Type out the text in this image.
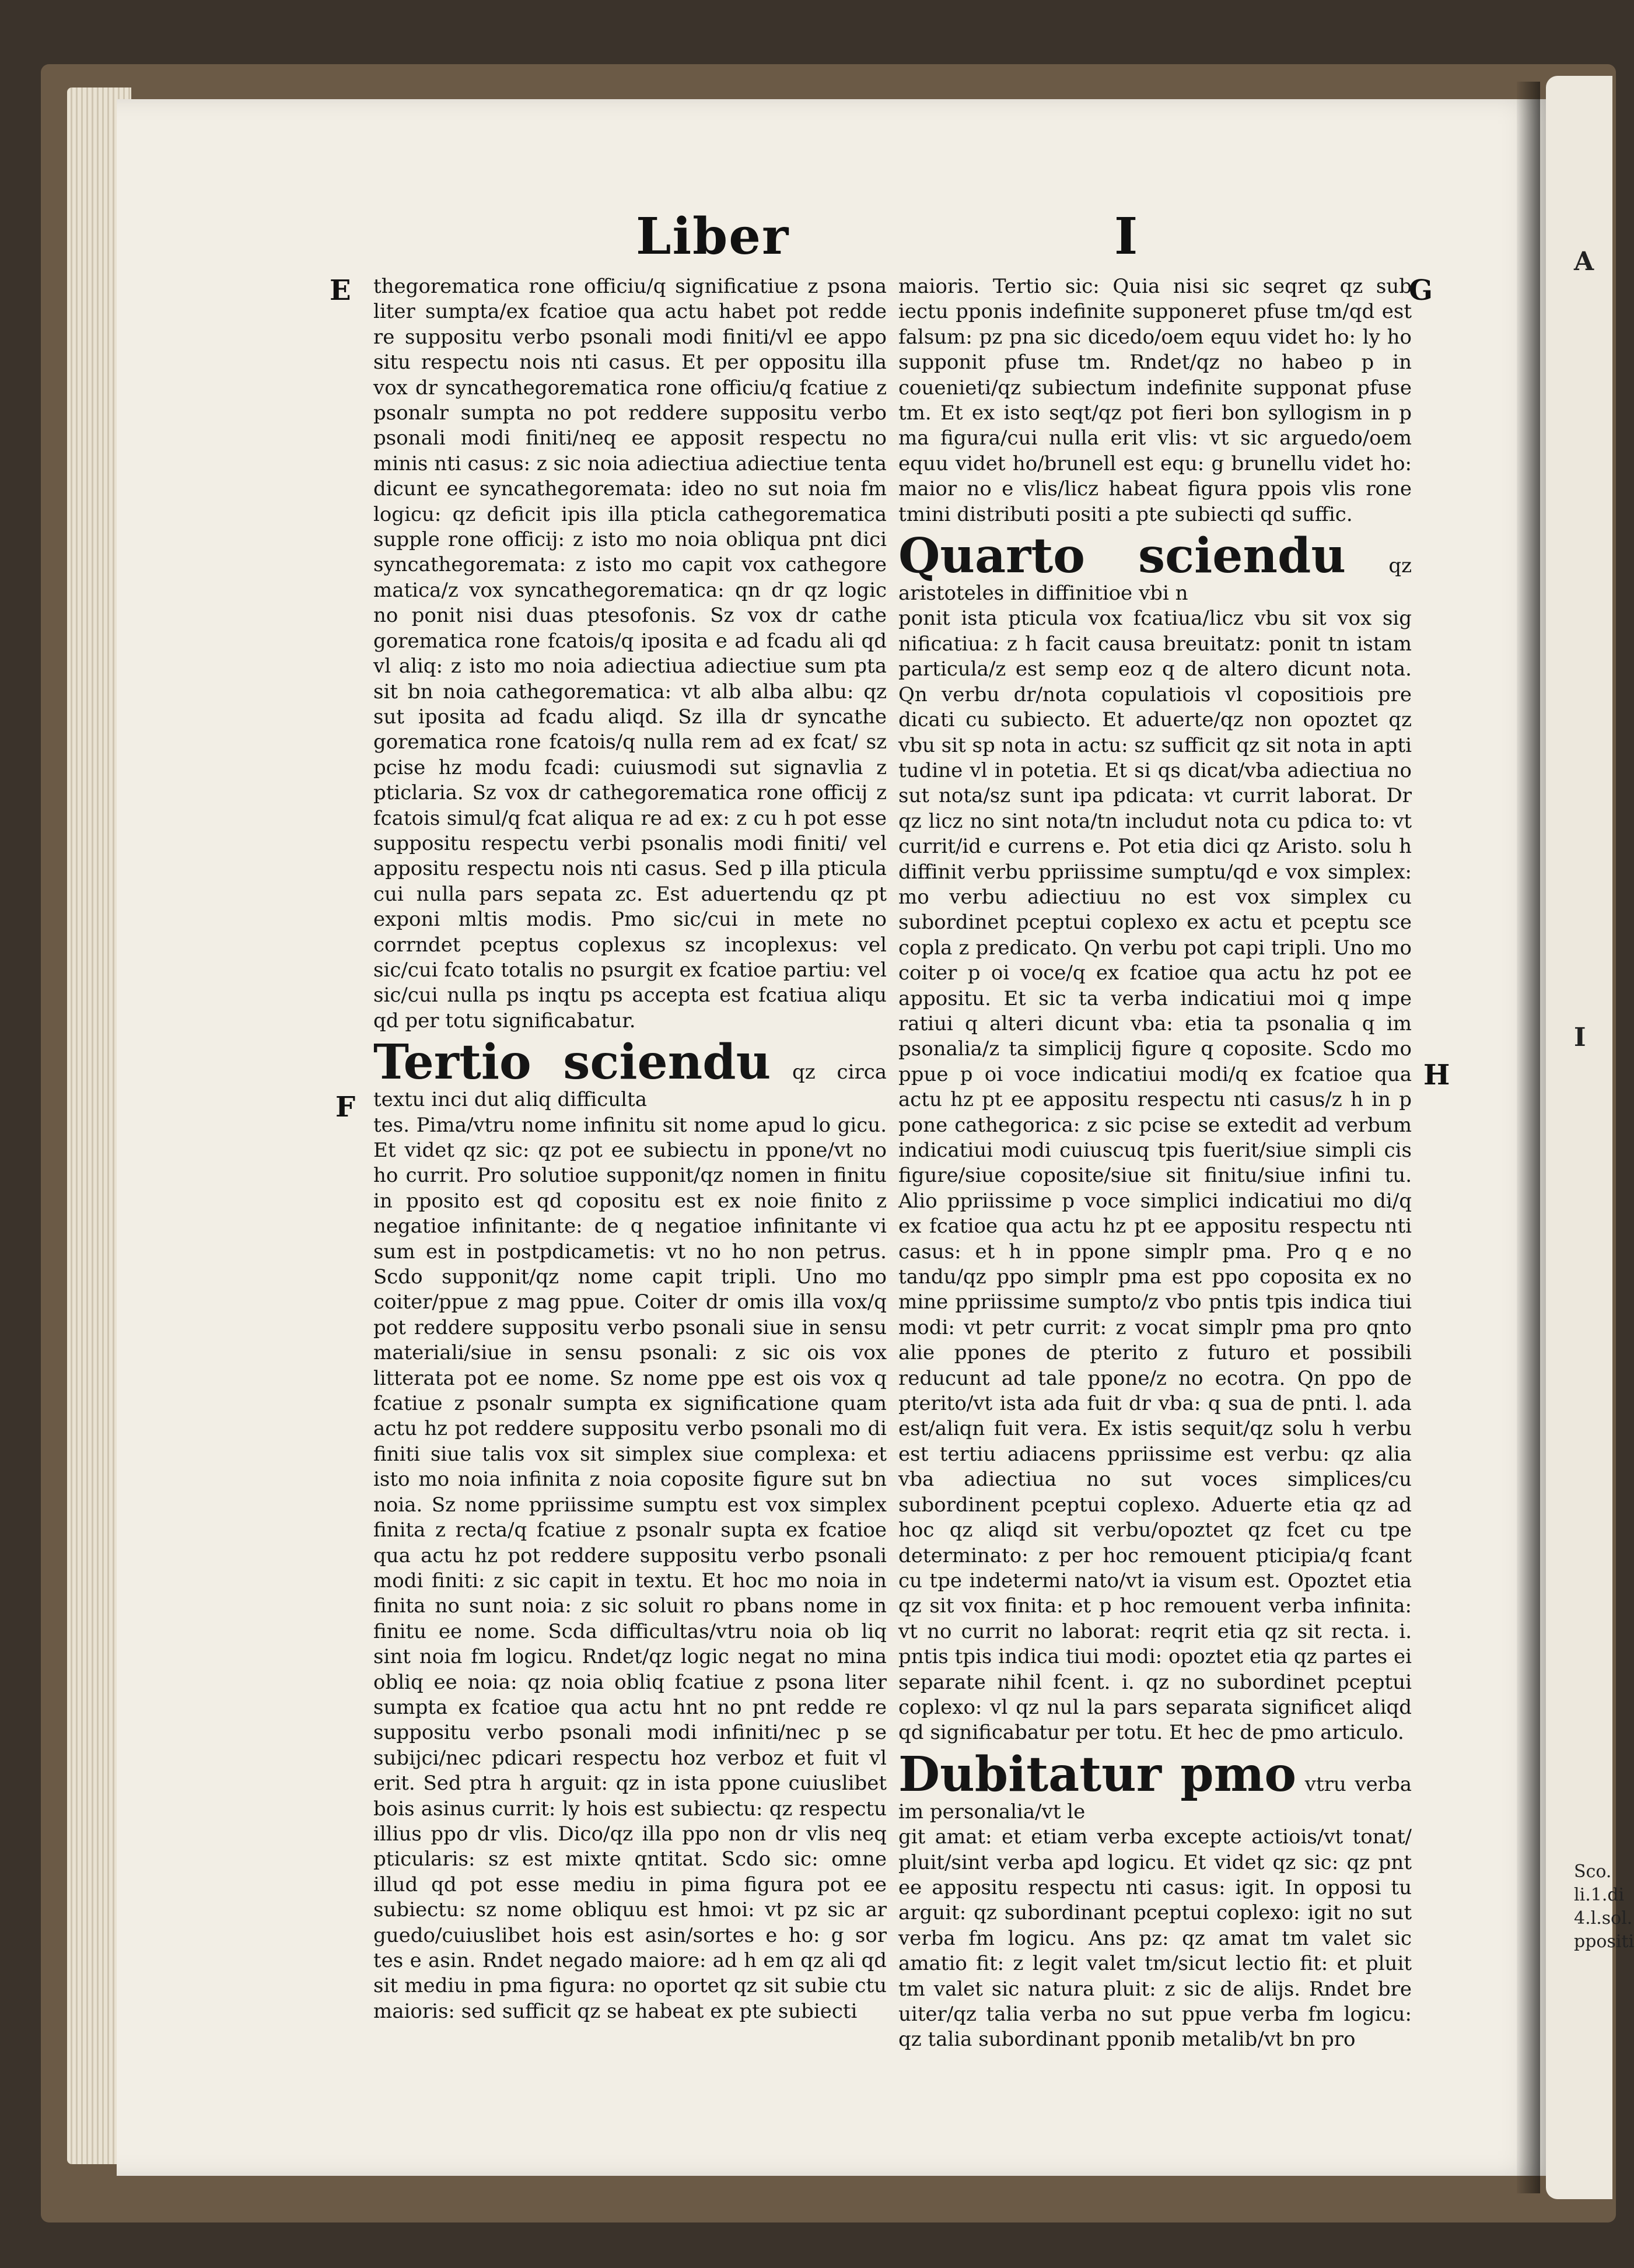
A
I
Sco.
li.1.di
4.l.sol.
ppositi
Liber	I
E
F
G
H

thegorematica rone officiu/q significatiue z psona liter sumpta/ex fcatioe qua actu habet pot redde re suppositu verbo psonali modi finiti/vl ee appo situ respectu nois nti casus. Et per oppositu illa vox dr syncathegorematica rone officiu/q fcatiue z psonalr sumpta no pot reddere suppositu verbo psonali modi finiti/neq ee apposit respectu no minis nti casus: z sic noia adiectiua adiectiue tenta dicunt ee syncathegoremata: ideo no sut noia fm logicu: qz deficit ipis illa pticla cathegorematica supple rone officij: z isto mo noia obliqua pnt dici syncathegoremata: z isto mo capit vox cathegore matica/z vox syncathegorematica: qn dr qz logic no ponit nisi duas ptesofonis. Sz vox dr cathe gorematica rone fcatois/q iposita e ad fcadu ali qd vl aliq: z isto mo noia adiectiua adiectiue sum pta sit bn noia cathegorematica: vt alb alba albu: qz sut iposita ad fcadu aliqd. Sz illa dr syncathe gorematica rone fcatois/q nulla rem ad ex fcat/ sz pcise hz modu fcadi: cuiusmodi sut signavlia z pticlaria. Sz vox dr cathegorematica rone officij z fcatois simul/q fcat aliqua re ad ex: z cu h pot esse suppositu respectu verbi psonalis modi finiti/ vel appositu respectu nois nti casus. Sed p illa pticula cui nulla pars sepata zc. Est aduertendu qz pt exponi mltis modis. Pmo sic/cui in mete no corrndet pceptus coplexus sz incoplexus: vel sic/cui fcato totalis no psurgit ex fcatioe partiu: vel sic/cui nulla ps inqtu ps accepta est fcatiua aliqu qd per totu significabatur.

Tertio sciendu qz circa textu inci dut aliq difficulta

tes. Pima/vtru nome infinitu sit nome apud lo gicu. Et videt qz sic: qz pot ee subiectu in ppone/vt no ho currit. Pro solutioe supponit/qz nomen in finitu in pposito est qd copositu est ex noie finito z negatioe infinitante: de q negatioe infinitante vi sum est in postpdicametis: vt no ho non petrus. Scdo supponit/qz nome capit tripli. Uno mo coiter/ppue z mag ppue. Coiter dr omis illa vox/q pot reddere suppositu verbo psonali siue in sensu materiali/siue in sensu psonali: z sic ois vox litterata pot ee nome. Sz nome ppe est ois vox q fcatiue z psonalr sumpta ex significatione quam actu hz pot reddere suppositu verbo psonali mo di finiti siue talis vox sit simplex siue complexa: et isto mo noia infinita z noia coposite figure sut bn noia. Sz nome ppriissime sumptu est vox simplex finita z recta/q fcatiue z psonalr supta ex fcatioe qua actu hz pot reddere suppositu verbo psonali modi finiti: z sic capit in textu. Et hoc mo noia in finita no sunt noia: z sic soluit ro pbans nome in finitu ee nome. Scda difficultas/vtru noia ob liq sint noia fm logicu. Rndet/qz logic negat no mina obliq ee noia: qz noia obliq fcatiue z psona liter sumpta ex fcatioe qua actu hnt no pnt redde re suppositu verbo psonali modi infiniti/nec p se subijci/nec pdicari respectu hoz verboz et fuit vl erit. Sed ptra h arguit: qz in ista ppone cuiuslibet bois asinus currit: ly hois est subiectu: qz respectu illius ppo dr vlis. Dico/qz illa ppo non dr vlis neq pticularis: sz est mixte qntitat. Scdo sic: omne illud qd pot esse mediu in pima figura pot ee subiectu: sz nome obliquu est hmoi: vt pz sic ar guedo/cuiuslibet hois est asin/sortes e ho: g sor tes e asin. Rndet negado maiore: ad h em qz ali qd sit mediu in pma figura: no oportet qz sit subie ctu maioris: sed sufficit qz se habeat ex pte subiecti

maioris. Tertio sic: Quia nisi sic seqret qz sub iectu pponis indefinite supponeret pfuse tm/qd est falsum: pz pna sic dicedo/oem equu videt ho: ly ho supponit pfuse tm. Rndet/qz no habeo p in couenieti/qz subiectum indefinite supponat pfuse tm. Et ex isto seqt/qz pot fieri bon syllogism in p ma figura/cui nulla erit vlis: vt sic arguedo/oem equu videt ho/brunell est equ: g brunellu videt ho: maior no e vlis/licz habeat figura ppois vlis rone tmini distributi positi a pte subiecti qd suffic.

Quarto sciendu qz aristoteles in diffinitioe vbi n

ponit ista pticula vox fcatiua/licz vbu sit vox sig nificatiua: z h facit causa breuitatz: ponit tn istam particula/z est semp eoz q de altero dicunt nota. Qn verbu dr/nota copulatiois vl copositiois pre dicati cu subiecto. Et aduerte/qz non opoztet qz vbu sit sp nota in actu: sz sufficit qz sit nota in apti tudine vl in potetia. Et si qs dicat/vba adiectiua no sut nota/sz sunt ipa pdicata: vt currit laborat. Dr qz licz no sint nota/tn includut nota cu pdica to: vt currit/id e currens e. Pot etia dici qz Aristo. solu h diffinit verbu ppriissime sumptu/qd e vox simplex: mo verbu adiectiuu no est vox simplex cu subordinet pceptui coplexo ex actu et pceptu sce copla z predicato. Qn verbu pot capi tripli. Uno mo coiter p oi voce/q ex fcatioe qua actu hz pot ee appositu. Et sic ta verba indicatiui moi q impe ratiui q alteri dicunt vba: etia ta psonalia q im psonalia/z ta simplicij figure q coposite. Scdo mo ppue p oi voce indicatiui modi/q ex fcatioe qua actu hz pt ee appositu respectu nti casus/z h in p pone cathegorica: z sic pcise se extedit ad verbum indicatiui modi cuiuscuq tpis fuerit/siue simpli cis figure/siue coposite/siue sit finitu/siue infini tu. Alio ppriissime p voce simplici indicatiui mo di/q ex fcatioe qua actu hz pt ee appositu respectu nti casus: et h in ppone simplr pma. Pro q e no tandu/qz ppo simplr pma est ppo coposita ex no mine ppriissime sumpto/z vbo pntis tpis indica tiui modi: vt petr currit: z vocat simplr pma pro qnto alie ppones de pterito z futuro et possibili reducunt ad tale ppone/z no ecotra. Qn ppo de pterito/vt ista ada fuit dr vba: q sua de pnti. l. ada est/aliqn fuit vera. Ex istis sequit/qz solu h verbu est tertiu adiacens ppriissime est verbu: qz alia vba adiectiua no sut voces simplices/cu subordinent pceptui coplexo. Aduerte etia qz ad hoc qz aliqd sit verbu/opoztet qz fcet cu tpe determinato: z per hoc remouent pticipia/q fcant cu tpe indetermi nato/vt ia visum est. Opoztet etia qz sit vox finita: et p hoc remouent verba infinita: vt no currit no laborat: reqrit etia qz sit recta. i. pntis tpis indica tiui modi: opoztet etia qz partes ei separate nihil fcent. i. qz no subordinet pceptui coplexo: vl qz nul la pars separata significet aliqd qd significabatur per totu. Et hec de pmo articulo.

Dubitatur pmo vtru verba im personalia/vt le

git amat: et etiam verba excepte actiois/vt tonat/ pluit/sint verba apd logicu. Et videt qz sic: qz pnt ee appositu respectu nti casus: igit. In opposi tu arguit: qz subordinant pceptui coplexo: igit no sut verba fm logicu. Ans pz: qz amat tm valet sic amatio fit: z legit valet tm/sicut lectio fit: et pluit tm valet sic natura pluit: z sic de alijs. Rndet bre uiter/qz talia verba no sut ppue verba fm logicu: qz talia subordinant pponib metalib/vt bn pro
